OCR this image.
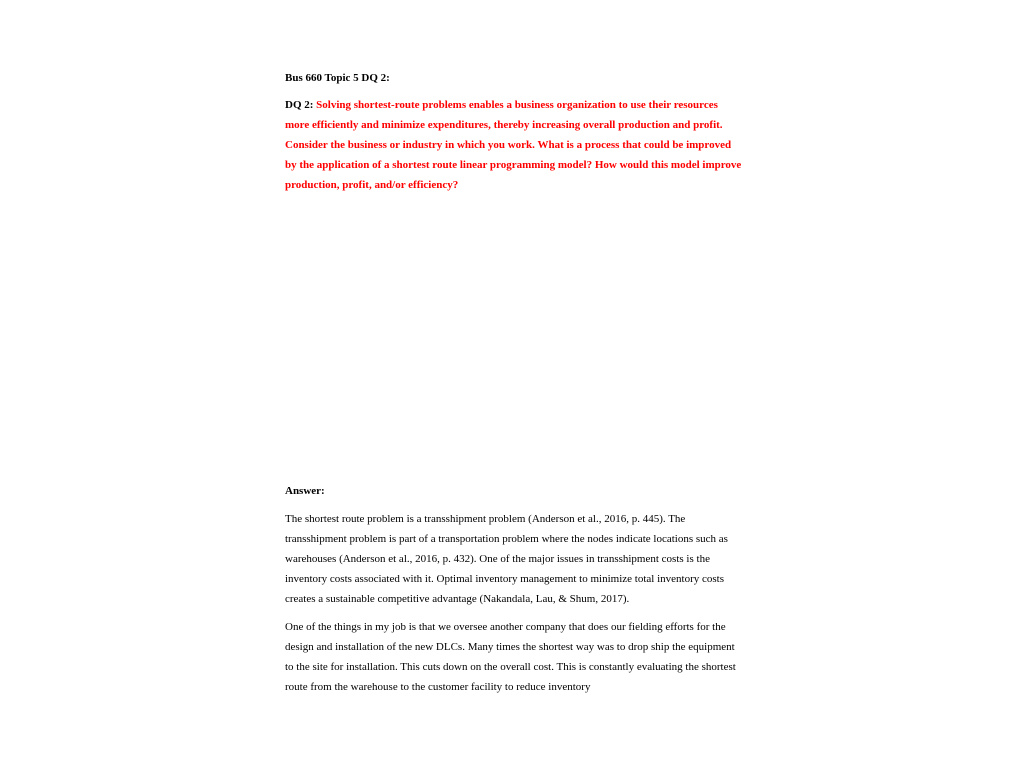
Bus 660 Topic 5 DQ 2:
DQ 2: Solving shortest-route problems enables a business organization to use their resources more efficiently and minimize expenditures, thereby increasing overall production and profit. Consider the business or industry in which you work. What is a process that could be improved by the application of a shortest route linear programming model? How would this model improve production, profit, and/or efficiency?
Answer:
The shortest route problem is a transshipment problem (Anderson et al., 2016, p. 445). The transshipment problem is part of a transportation problem where the nodes indicate locations such as warehouses (Anderson et al., 2016, p. 432). One of the major issues in transshipment costs is the inventory costs associated with it. Optimal inventory management to minimize total inventory costs creates a sustainable competitive advantage (Nakandala, Lau, & Shum, 2017).
One of the things in my job is that we oversee another company that does our fielding efforts for the design and installation of the new DLCs. Many times the shortest way was to drop ship the equipment to the site for installation. This cuts down on the overall cost. This is constantly evaluating the shortest route from the warehouse to the customer facility to reduce inventory
